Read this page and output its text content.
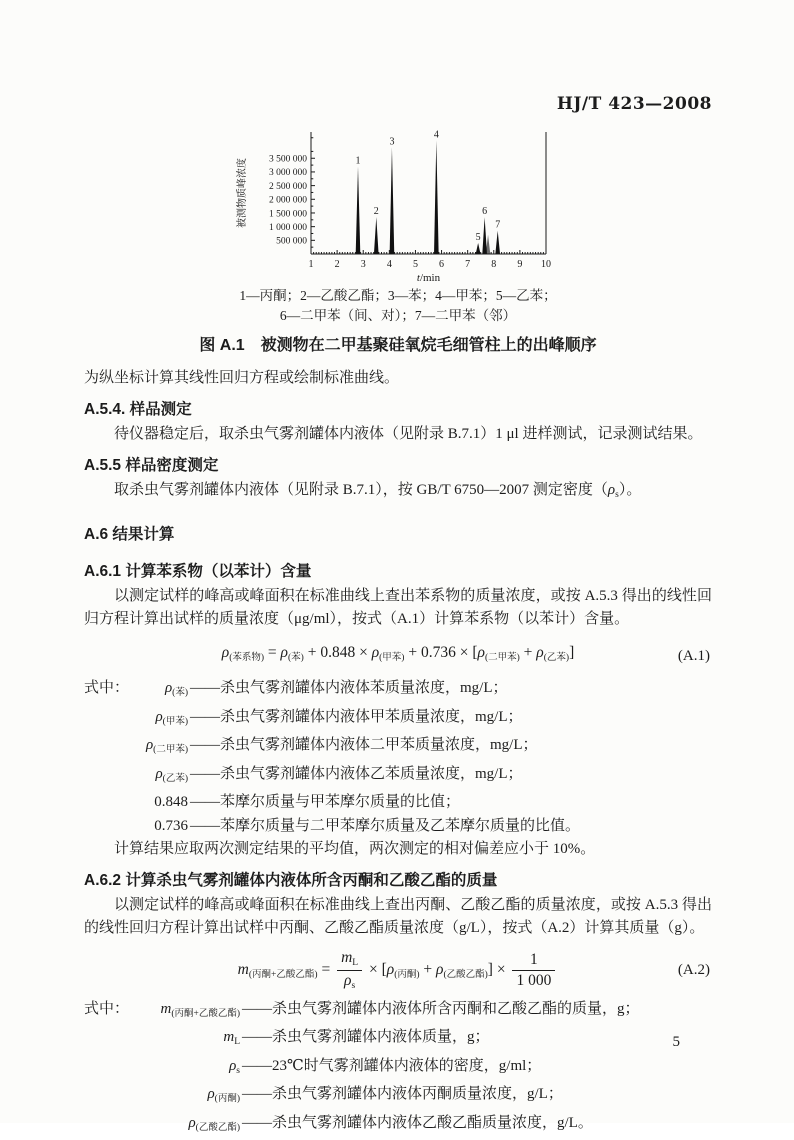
HJ/T 423—2008
500 000
1 000 000
1 500 000
2 000 000
2 500 000
3 000 000
3 500 000
1 2 3 4 5 6 7 8 9 10
t/min
被测物质峰浓度	1
2
3
4
5
6
7
1—丙酮；2—乙酸乙酯；3—苯；4—甲苯；5—乙苯；
6—二甲苯（间、对）；7—二甲苯（邻）
图 A.1　被测物在二甲基聚硅氧烷毛细管柱上的出峰顺序

为纵坐标计算其线性回归方程或绘制标准曲线。

A.5.4. 样品测定

待仪器稳定后，取杀虫气雾剂罐体内液体（见附录 B.7.1）1 μl 进样测试，记录测试结果。

A.5.5 样品密度测定

取杀虫气雾剂罐体内液体（见附录 B.7.1），按 GB/T 6750—2007 测定密度$(\rho_s)$。

A.6 结果计算
A.6.1 计算苯系物（以苯计）含量

以测定试样的峰高或峰面积在标准曲线上查出苯系物的质量浓度，或按 A.5.3 得出的线性回归方程计算出试样的质量浓度（μg/ml），按式（A.1）计算苯系物（以苯计）含量。

$\rho_{(苯系物)} = \rho_{(苯)} + 0.848 \times \rho_{(甲苯)} + 0.736 \times [\rho_{(二甲苯)} + \rho_{(乙苯)}]$	(A.1)
式中：	$\rho_{(苯)}$ ——杀虫气雾剂罐体内液体苯质量浓度，mg/L；
$\rho_{(甲苯)}$ ——杀虫气雾剂罐体内液体甲苯质量浓度，mg/L；
$\rho_{(二甲苯)}$ ——杀虫气雾剂罐体内液体二甲苯质量浓度，mg/L；
$\rho_{(乙苯)}$ ——杀虫气雾剂罐体内液体乙苯质量浓度，mg/L；
0.848 ——苯摩尔质量与甲苯摩尔质量的比值；
0.736 ——苯摩尔质量与二甲苯摩尔质量及乙苯摩尔质量的比值。

计算结果应取两次测定结果的平均值，两次测定的相对偏差应小于 10%。

A.6.2 计算杀虫气雾剂罐体内液体所含丙酮和乙酸乙酯的质量

以测定试样的峰高或峰面积在标准曲线上查出丙酮、乙酸乙酯的质量浓度，或按 A.5.3 得出的线性回归方程计算出试样中丙酮、乙酸乙酯质量浓度（g/L），按式（A.2）计算其质量（g）。

$m_{(丙酮+乙酸乙酯)} = \frac{m_L}{\rho_s} \times [\rho_{(丙酮)} + \rho_{(乙酸乙酯)}] \times \frac{1}{1 000}$	(A.2)
式中：	$m_{(丙酮+乙酸乙酯)}$ ——杀虫气雾剂罐体内液体所含丙酮和乙酸乙酯的质量，g；
$m_L$ ——杀虫气雾剂罐体内液体质量，g；
$\rho_s$ ——23℃时气雾剂罐体内液体的密度，g/ml；
$\rho_{(丙酮)}$ ——杀虫气雾剂罐体内液体丙酮质量浓度，g/L；
$\rho_{(乙酸乙酯)}$ ——杀虫气雾剂罐体内液体乙酸乙酯质量浓度，g/L。
5
